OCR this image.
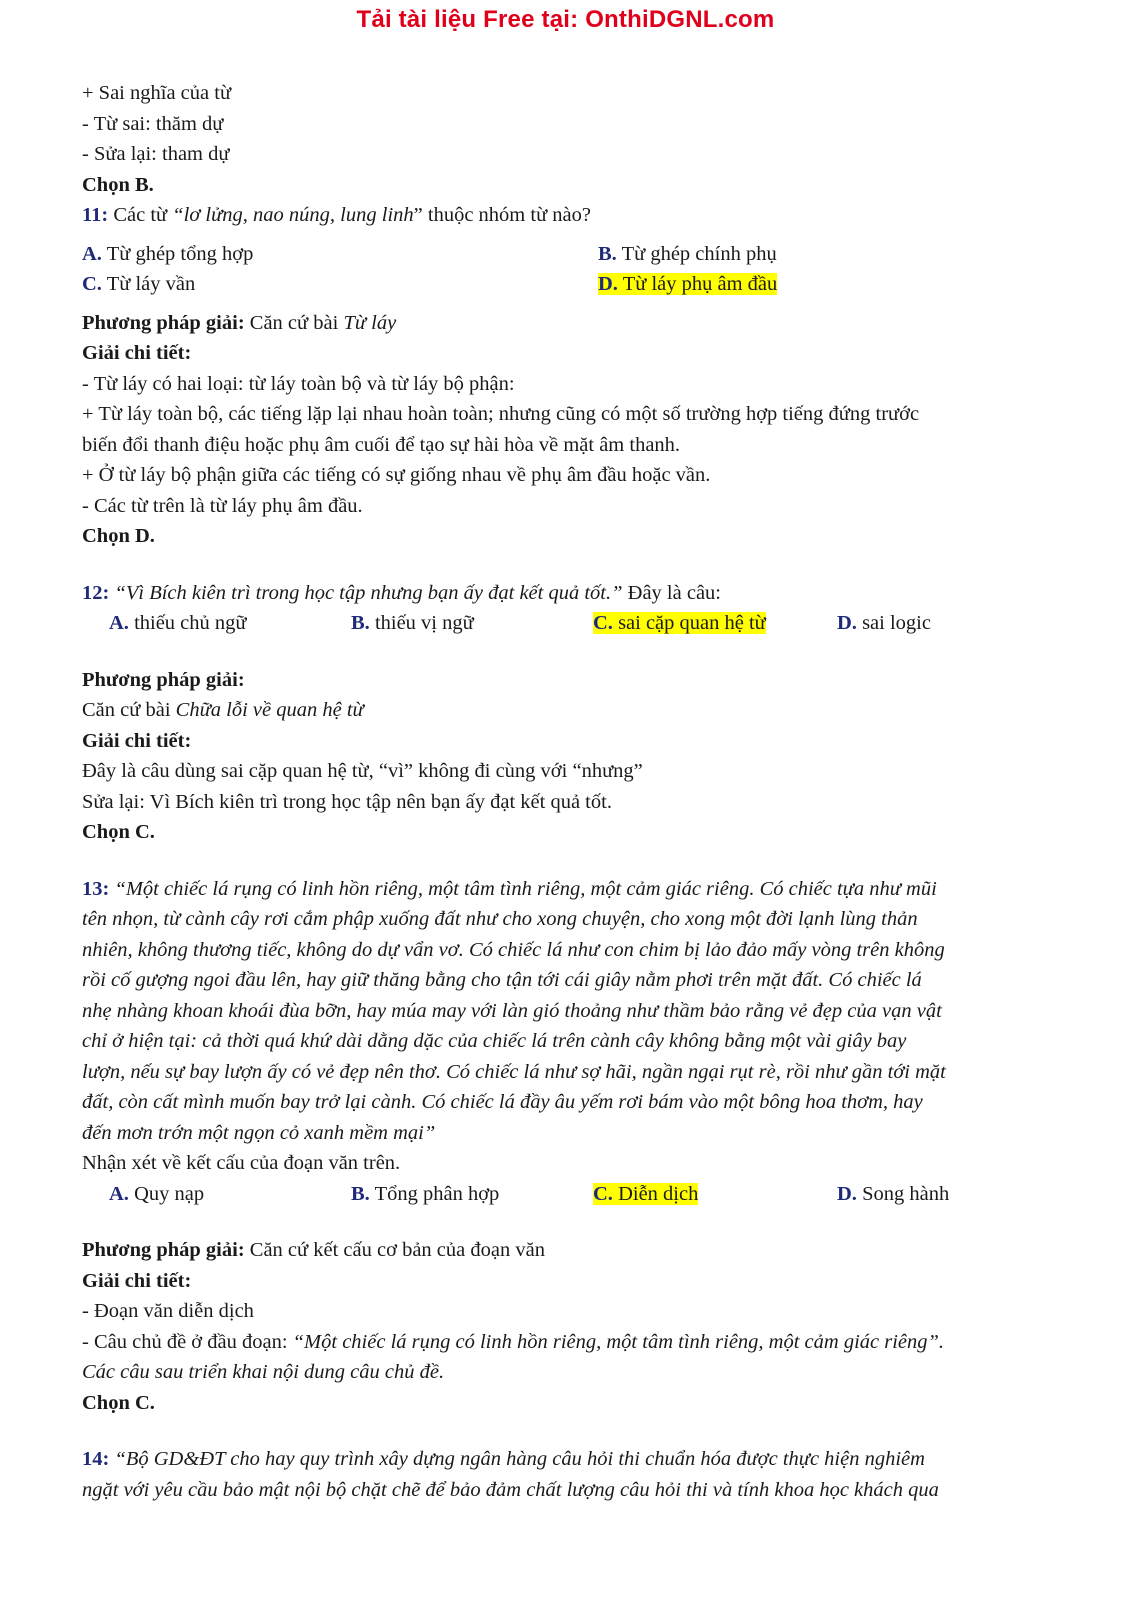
Tải tài liệu Free tại: OnthiDGNL.com
+ Sai nghĩa của từ
- Từ sai: thăm dự
- Sửa lại: tham dự
Chọn B.
11: Các từ “lơ lửng, nao núng, lung linh” thuộc nhóm từ nào?
A. Từ ghép tổng hợp	B. Từ ghép chính phụ
C. Từ láy vần	D. Từ láy phụ âm đầu
Phương pháp giải: Căn cứ bài Từ láy
Giải chi tiết:
- Từ láy có hai loại: từ láy toàn bộ và từ láy bộ phận:
+ Từ láy toàn bộ, các tiếng lặp lại nhau hoàn toàn; nhưng cũng có một số trường hợp tiếng đứng trước
biến đổi thanh điệu hoặc phụ âm cuối để tạo sự hài hòa về mặt âm thanh.
+ Ở từ láy bộ phận giữa các tiếng có sự giống nhau về phụ âm đầu hoặc vần.
- Các từ trên là từ láy phụ âm đầu.
Chọn D.
12: “Vì Bích kiên trì trong học tập nhưng bạn ấy đạt kết quả tốt.” Đây là câu:
A. thiếu chủ ngữ	B. thiếu vị ngữ	C. sai cặp quan hệ từ	D. sai logic
Phương pháp giải:
Căn cứ bài Chữa lỗi về quan hệ từ
Giải chi tiết:
Đây là câu dùng sai cặp quan hệ từ, “vì” không đi cùng với “nhưng”
Sửa lại: Vì Bích kiên trì trong học tập nên bạn ấy đạt kết quả tốt.
Chọn C.
13: “Một chiếc lá rụng có linh hồn riêng, một tâm tình riêng, một cảm giác riêng. Có chiếc tựa như mũi
tên nhọn, từ cành cây rơi cắm phập xuống đất như cho xong chuyện, cho xong một đời lạnh lùng thản
nhiên, không thương tiếc, không do dự vẩn vơ. Có chiếc lá như con chim bị lảo đảo mấy vòng trên không
rồi cố gượng ngoi đầu lên, hay giữ thăng bằng cho tận tới cái giây nằm phơi trên mặt đất. Có chiếc lá
nhẹ nhàng khoan khoái đùa bỡn, hay múa may với làn gió thoảng như thầm bảo rằng vẻ đẹp của vạn vật
chỉ ở hiện tại: cả thời quá khứ dài dằng dặc của chiếc lá trên cành cây không bằng một vài giây bay
lượn, nếu sự bay lượn ấy có vẻ đẹp nên thơ. Có chiếc lá như sợ hãi, ngần ngại rụt rè, rồi như gần tới mặt
đất, còn cất mình muốn bay trở lại cành. Có chiếc lá đầy âu yếm rơi bám vào một bông hoa thơm, hay
đến mơn trớn một ngọn cỏ xanh mềm mại”
Nhận xét về kết cấu của đoạn văn trên.
A. Quy nạp	B. Tổng phân hợp	C. Diễn dịch	D. Song hành
Phương pháp giải: Căn cứ kết cấu cơ bản của đoạn văn
Giải chi tiết:
- Đoạn văn diễn dịch
- Câu chủ đề ở đầu đoạn: “Một chiếc lá rụng có linh hồn riêng, một tâm tình riêng, một cảm giác riêng”.
Các câu sau triển khai nội dung câu chủ đề.
Chọn C.
14: “Bộ GD&ĐT cho hay quy trình xây dựng ngân hàng câu hỏi thi chuẩn hóa được thực hiện nghiêm
ngặt với yêu cầu bảo mật nội bộ chặt chẽ để bảo đảm chất lượng câu hỏi thi và tính khoa học khách qua
